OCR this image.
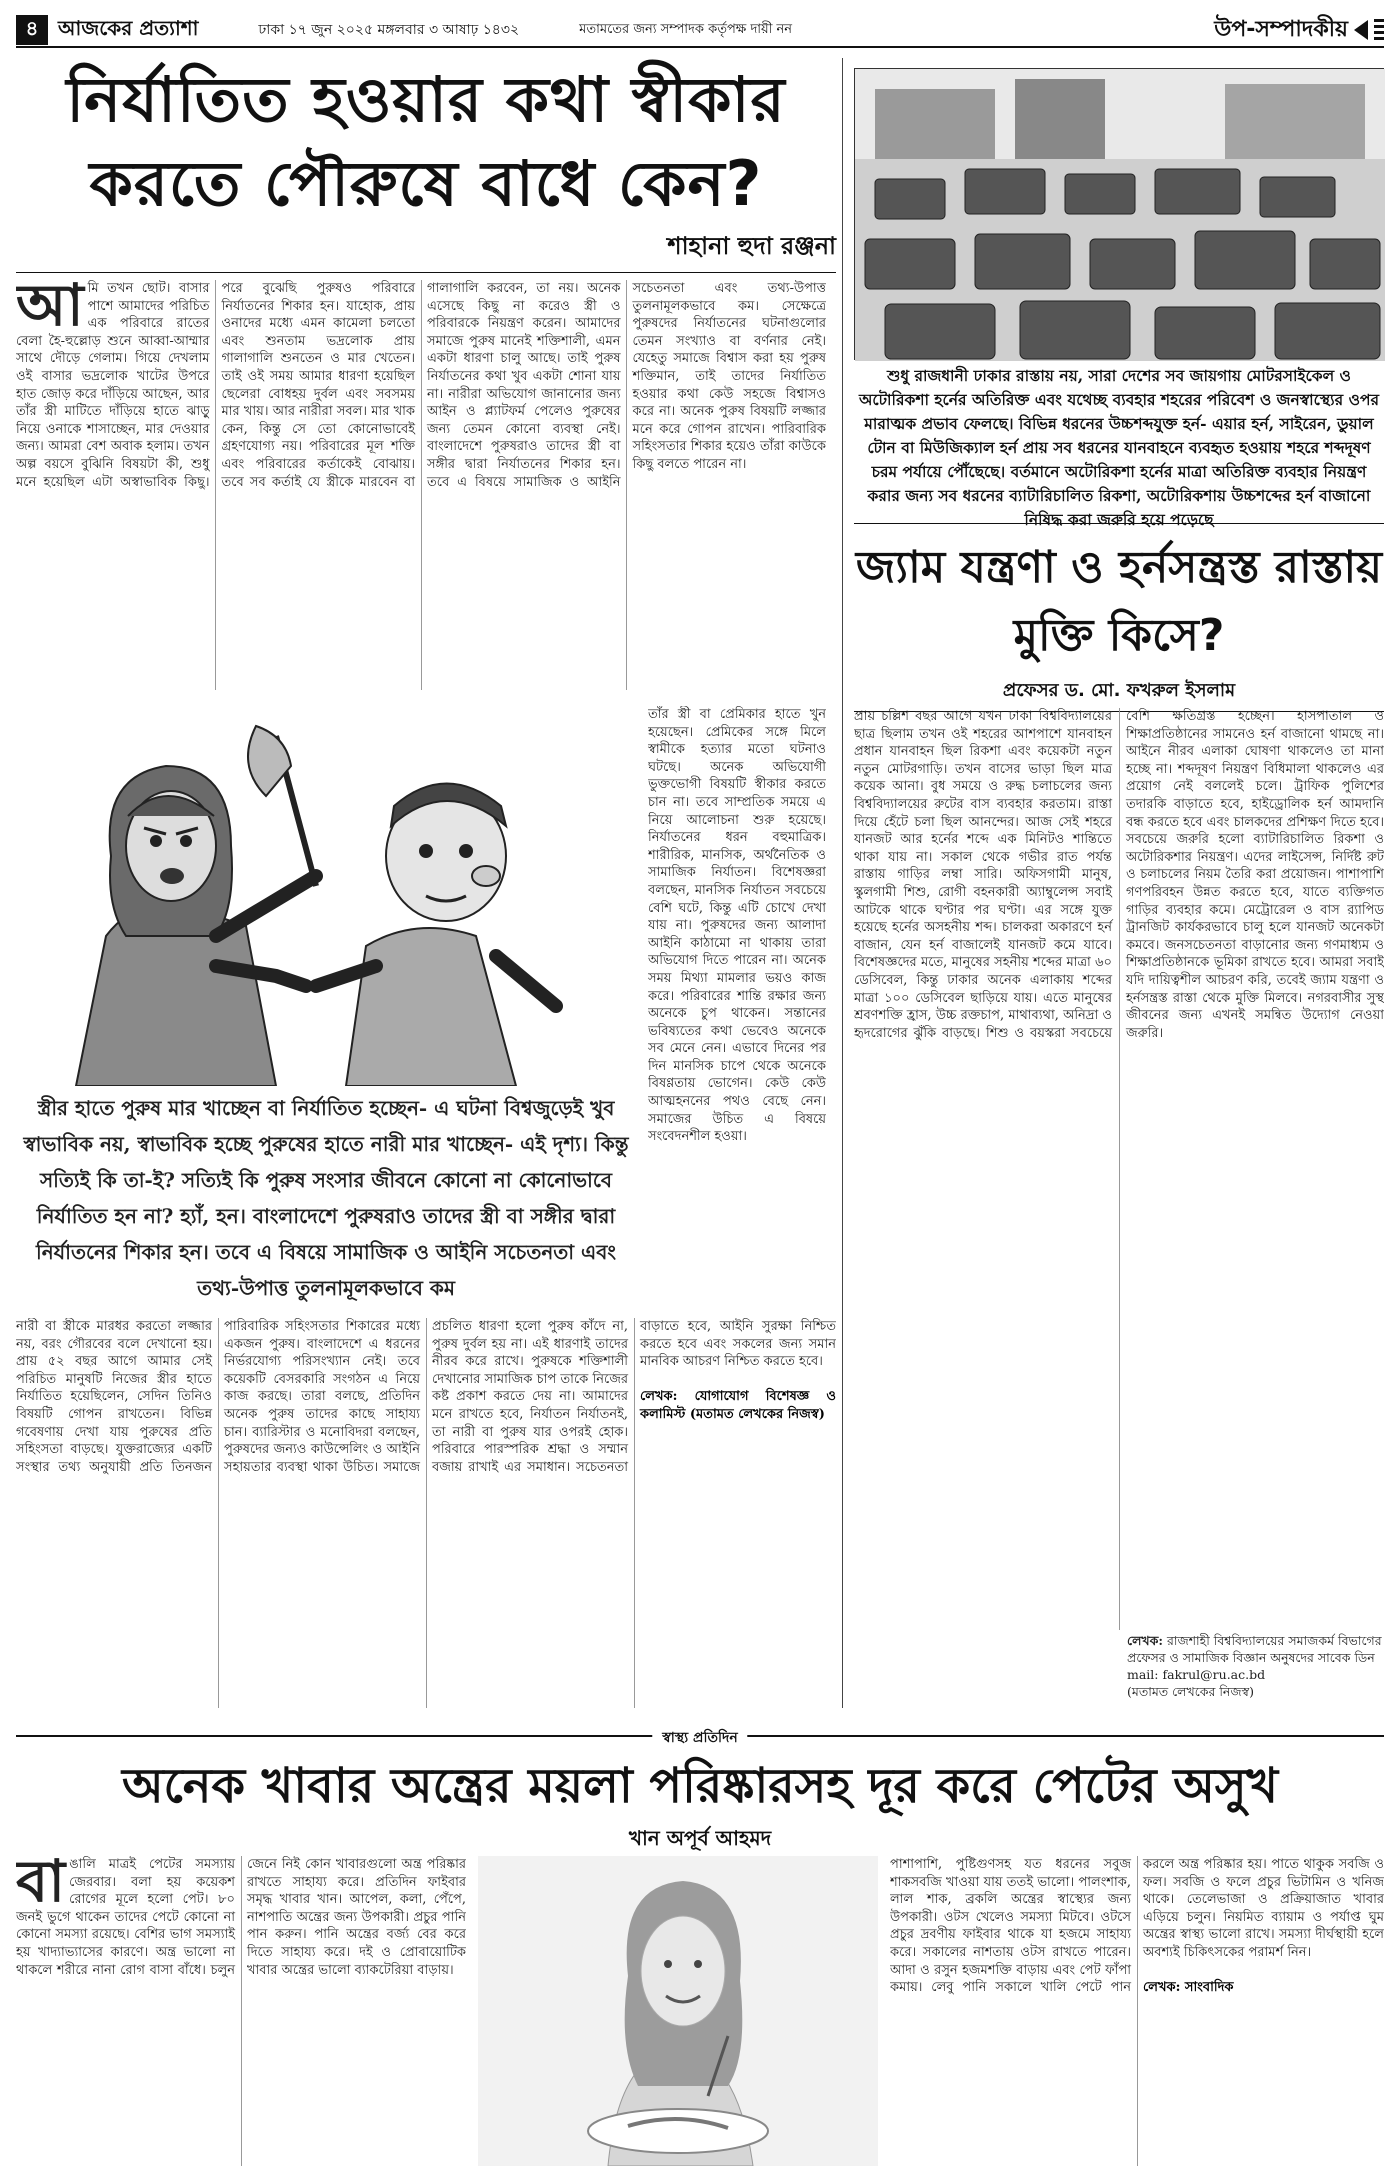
৪ আজকের প্রত্যাশা	ঢাকা ১৭ জুন ২০২৫ মঙ্গলবার ৩ আষাঢ় ১৪৩২	মতামতের জন্য সম্পাদক কর্তৃপক্ষ দায়ী নন	উপ-সম্পাদকীয়
নির্যাতিত হওয়ার কথা স্বীকার করতে পৌরুষে বাধে কেন?
শাহানা হুদা রঞ্জনা
আমি তখন ছোট। বাসার পাশে আমাদের পরিচিত এক পরিবারে রাতের বেলা হৈ-হুল্লোড় শুনে আব্বা-আম্মার সাথে দৌড়ে গেলাম। গিয়ে দেখলাম ওই বাসার ভদ্রলোক খাটের উপরে হাত জোড় করে দাঁড়িয়ে আছেন, আর তাঁর স্ত্রী মাটিতে দাঁড়িয়ে হাতে ঝাড়ু নিয়ে ওনাকে শাসাচ্ছেন, মার দেওয়ার জন্য। আমরা বেশ অবাক হলাম। তখন অল্প বয়সে বুঝিনি বিষয়টা কী, শুধু মনে হয়েছিল এটা অস্বাভাবিক কিছু। পরে বুঝেছি পুরুষও পরিবারে নির্যাতনের শিকার হন। যাহোক, প্রায় ওনাদের মধ্যে এমন কামেলা চলতো এবং শুনতাম ভদ্রলোক প্রায় গালাগালি শুনতেন ও মার খেতেন। তাই ওই সময় আমার ধারণা হয়েছিল ছেলেরা বোধহয় দুর্বল এবং সবসময় মার খায়। আর নারীরা সবল। মার খাক কেন, কিন্তু সে তো কোনোভাবেই গ্রহণযোগ্য নয়। পরিবারের মূল শক্তি এবং পরিবারের কর্তাকেই বোঝায়। তবে সব কর্তাই যে স্ত্রীকে মারবেন বা গালাগালি করবেন, তা নয়। অনেক এসেছে কিছু না করেও স্ত্রী ও পরিবারকে নিয়ন্ত্রণ করেন। আমাদের সমাজে পুরুষ মানেই শক্তিশালী, এমন একটা ধারণা চালু আছে। তাই পুরুষ নির্যাতনের কথা খুব একটা শোনা যায় না। নারীরা অভিযোগ জানানোর জন্য আইন ও প্ল্যাটফর্ম পেলেও পুরুষের জন্য তেমন কোনো ব্যবস্থা নেই। বাংলাদেশে পুরুষরাও তাদের স্ত্রী বা সঙ্গীর দ্বারা নির্যাতনের শিকার হন। তবে এ বিষয়ে সামাজিক ও আইনি সচেতনতা এবং তথ্য-উপাত্ত তুলনামূলকভাবে কম। সেক্ষেত্রে পুরুষদের নির্যাতনের ঘটনাগুলোর তেমন সংখ্যাও বা বর্ণনার নেই। যেহেতু সমাজে বিশ্বাস করা হয় পুরুষ শক্তিমান, তাই তাদের নির্যাতিত হওয়ার কথা কেউ সহজে বিশ্বাসও করে না। অনেক পুরুষ বিষয়টি লজ্জার মনে করে গোপন রাখেন। পারিবারিক সহিংসতার শিকার হয়েও তাঁরা কাউকে কিছু বলতে পারেন না।
তাঁর স্ত্রী বা প্রেমিকার হাতে খুন হয়েছেন। প্রেমিকের সঙ্গে মিলে স্বামীকে হত্যার মতো ঘটনাও ঘটছে। অনেক অভিযোগী ভুক্তভোগী বিষয়টি স্বীকার করতে চান না। তবে সাম্প্রতিক সময়ে এ নিয়ে আলোচনা শুরু হয়েছে। নির্যাতনের ধরন বহুমাত্রিক। শারীরিক, মানসিক, অর্থনৈতিক ও সামাজিক নির্যাতন। বিশেষজ্ঞরা বলছেন, মানসিক নির্যাতন সবচেয়ে বেশি ঘটে, কিন্তু এটি চোখে দেখা যায় না। পুরুষদের জন্য আলাদা আইনি কাঠামো না থাকায় তারা অভিযোগ দিতে পারেন না। অনেক সময় মিথ্যা মামলার ভয়ও কাজ করে। পরিবারের শান্তি রক্ষার জন্য অনেকে চুপ থাকেন। সন্তানের ভবিষ্যতের কথা ভেবেও অনেকে সব মেনে নেন। এভাবে দিনের পর দিন মানসিক চাপে থেকে অনেকে বিষণ্ণতায় ভোগেন। কেউ কেউ আত্মহননের পথও বেছে নেন। সমাজের উচিত এ বিষয়ে সংবেদনশীল হওয়া।
স্ত্রীর হাতে পুরুষ মার খাচ্ছেন বা নির্যাতিত হচ্ছেন- এ ঘটনা বিশ্বজুড়েই খুব স্বাভাবিক নয়, স্বাভাবিক হচ্ছে পুরুষের হাতে নারী মার খাচ্ছেন- এই দৃশ্য। কিন্তু সত্যিই কি তা-ই? সত্যিই কি পুরুষ সংসার জীবনে কোনো না কোনোভাবে নির্যাতিত হন না? হ্যাঁ, হন। বাংলাদেশে পুরুষরাও তাদের স্ত্রী বা সঙ্গীর দ্বারা নির্যাতনের শিকার হন। তবে এ বিষয়ে সামাজিক ও আইনি সচেতনতা এবং তথ্য-উপাত্ত তুলনামূলকভাবে কম
নারী বা স্ত্রীকে মারধর করতো লজ্জার নয়, বরং গৌরবের বলে দেখানো হয়। প্রায় ৫২ বছর আগে আমার সেই পরিচিত মানুষটি নিজের স্ত্রীর হাতে নির্যাতিত হয়েছিলেন, সেদিন তিনিও বিষয়টি গোপন রাখতেন। বিভিন্ন গবেষণায় দেখা যায় পুরুষের প্রতি সহিংসতা বাড়ছে। যুক্তরাজ্যের একটি সংস্থার তথ্য অনুযায়ী প্রতি তিনজন পারিবারিক সহিংসতার শিকারের মধ্যে একজন পুরুষ। বাংলাদেশে এ ধরনের নির্ভরযোগ্য পরিসংখ্যান নেই। তবে কয়েকটি বেসরকারি সংগঠন এ নিয়ে কাজ করছে। তারা বলছে, প্রতিদিন অনেক পুরুষ তাদের কাছে সাহায্য চান। ব্যারিস্টার ও মনোবিদরা বলছেন, পুরুষদের জন্যও কাউন্সেলিং ও আইনি সহায়তার ব্যবস্থা থাকা উচিত। সমাজে প্রচলিত ধারণা হলো পুরুষ কাঁদে না, পুরুষ দুর্বল হয় না। এই ধারণাই তাদের নীরব করে রাখে। পুরুষকে শক্তিশালী দেখানোর সামাজিক চাপ তাকে নিজের কষ্ট প্রকাশ করতে দেয় না। আমাদের মনে রাখতে হবে, নির্যাতন নির্যাতনই, তা নারী বা পুরুষ যার ওপরই হোক। পরিবারে পারস্পরিক শ্রদ্ধা ও সম্মান বজায় রাখাই এর সমাধান। সচেতনতা বাড়াতে হবে, আইনি সুরক্ষা নিশ্চিত করতে হবে এবং সকলের জন্য সমান মানবিক আচরণ নিশ্চিত করতে হবে।

লেখক: যোগাযোগ বিশেষজ্ঞ ও কলামিস্ট (মতামত লেখকের নিজস্ব)
শুধু রাজধানী ঢাকার রাস্তায় নয়, সারা দেশের সব জায়গায় মোটরসাইকেল ও অটোরিকশা হর্নের অতিরিক্ত এবং যথেচ্ছ ব্যবহার শহরের পরিবেশ ও জনস্বাস্থ্যের ওপর মারাত্মক প্রভাব ফেলছে। বিভিন্ন ধরনের উচ্চশব্দযুক্ত হর্ন- এয়ার হর্ন, সাইরেন, ডুয়াল টোন বা মিউজিক্যাল হর্ন প্রায় সব ধরনের যানবাহনে ব্যবহৃত হওয়ায় শহরে শব্দদূষণ চরম পর্যায়ে পৌঁছেছে। বর্তমানে অটোরিকশা হর্নের মাত্রা অতিরিক্ত ব্যবহার নিয়ন্ত্রণ করার জন্য সব ধরনের ব্যাটারিচালিত রিকশা, অটোরিকশায় উচ্চশব্দের হর্ন বাজানো নিষিদ্ধ করা জরুরি হয়ে পড়েছে
জ্যাম যন্ত্রণা ও হর্নসন্ত্রস্ত রাস্তায় মুক্তি কিসে?
প্রফেসর ড. মো. ফখরুল ইসলাম
প্রায় চল্লিশ বছর আগে যখন ঢাকা বিশ্ববিদ্যালয়ের ছাত্র ছিলাম তখন ওই শহরের আশপাশে যানবাহন প্রধান যানবাহন ছিল রিকশা এবং কয়েকটা নতুন নতুন মোটরগাড়ি। তখন বাসের ভাড়া ছিল মাত্র কয়েক আনা। বুধ সময়ে ও রুদ্ধ চলাচলের জন্য বিশ্ববিদ্যালয়ের রুটের বাস ব্যবহার করতাম। রাস্তা দিয়ে হেঁটে চলা ছিল আনন্দের। আজ সেই শহরে যানজট আর হর্নের শব্দে এক মিনিটও শান্তিতে থাকা যায় না। সকাল থেকে গভীর রাত পর্যন্ত রাস্তায় গাড়ির লম্বা সারি। অফিসগামী মানুষ, স্কুলগামী শিশু, রোগী বহনকারী অ্যাম্বুলেন্স সবাই আটকে থাকে ঘণ্টার পর ঘণ্টা। এর সঙ্গে যুক্ত হয়েছে হর্নের অসহনীয় শব্দ। চালকরা অকারণে হর্ন বাজান, যেন হর্ন বাজালেই যানজট কমে যাবে। বিশেষজ্ঞদের মতে, মানুষের সহনীয় শব্দের মাত্রা ৬০ ডেসিবেল, কিন্তু ঢাকার অনেক এলাকায় শব্দের মাত্রা ১০০ ডেসিবেল ছাড়িয়ে যায়। এতে মানুষের শ্রবণশক্তি হ্রাস, উচ্চ রক্তচাপ, মাথাব্যথা, অনিদ্রা ও হৃদরোগের ঝুঁকি বাড়ছে। শিশু ও বয়স্করা সবচেয়ে বেশি ক্ষতিগ্রস্ত হচ্ছেন। হাসপাতাল ও শিক্ষাপ্রতিষ্ঠানের সামনেও হর্ন বাজানো থামছে না। আইনে নীরব এলাকা ঘোষণা থাকলেও তা মানা হচ্ছে না। শব্দদূষণ নিয়ন্ত্রণ বিধিমালা থাকলেও এর প্রয়োগ নেই বললেই চলে। ট্রাফিক পুলিশের তদারকি বাড়াতে হবে, হাইড্রোলিক হর্ন আমদানি বন্ধ করতে হবে এবং চালকদের প্রশিক্ষণ দিতে হবে। সবচেয়ে জরুরি হলো ব্যাটারিচালিত রিকশা ও অটোরিকশার নিয়ন্ত্রণ। এদের লাইসেন্স, নির্দিষ্ট রুট ও চলাচলের নিয়ম তৈরি করা প্রয়োজন। পাশাপাশি গণপরিবহন উন্নত করতে হবে, যাতে ব্যক্তিগত গাড়ির ব্যবহার কমে। মেট্রোরেল ও বাস র‍্যাপিড ট্রানজিট কার্যকরভাবে চালু হলে যানজট অনেকটা কমবে। জনসচেতনতা বাড়ানোর জন্য গণমাধ্যম ও শিক্ষাপ্রতিষ্ঠানকে ভূমিকা রাখতে হবে। আমরা সবাই যদি দায়িত্বশীল আচরণ করি, তবেই জ্যাম যন্ত্রণা ও হর্নসন্ত্রস্ত রাস্তা থেকে মুক্তি মিলবে। নগরবাসীর সুস্থ জীবনের জন্য এখনই সমন্বিত উদ্যোগ নেওয়া জরুরি।
লেখক: রাজশাহী বিশ্ববিদ্যালয়ের সমাজকর্ম বিভাগের প্রফেসর ও সামাজিক বিজ্ঞান অনুষদের সাবেক ডিন
mail: fakrul@ru.ac.bd
(মতামত লেখকের নিজস্ব)
স্বাস্থ্য প্রতিদিন
অনেক খাবার অন্ত্রের ময়লা পরিষ্কারসহ দূর করে পেটের অসুখ
খান অপূর্ব আহমদ
বাঙালি মাত্রই পেটের সমস্যায় জেরবার। বলা হয় কয়েকশ রোগের মূলে হলো পেট। ৮০ জনই ভুগে থাকেন তাদের পেটে কোনো না কোনো সমস্যা রয়েছে। বেশির ভাগ সমস্যাই হয় খাদ্যাভ্যাসের কারণে। অন্ত্র ভালো না থাকলে শরীরে নানা রোগ বাসা বাঁধে। চলুন জেনে নিই কোন খাবারগুলো অন্ত্র পরিষ্কার রাখতে সাহায্য করে। প্রতিদিন ফাইবার সমৃদ্ধ খাবার খান। আপেল, কলা, পেঁপে, নাশপাতি অন্ত্রের জন্য উপকারী। প্রচুর পানি পান করুন। পানি অন্ত্রের বর্জ্য বের করে দিতে সাহায্য করে। দই ও প্রোবায়োটিক খাবার অন্ত্রের ভালো ব্যাকটেরিয়া বাড়ায়।
পাশাপাশি, পুষ্টিগুণসহ যত ধরনের সবুজ শাকসবজি খাওয়া যায় ততই ভালো। পালংশাক, লাল শাক, ব্রকলি অন্ত্রের স্বাস্থ্যের জন্য উপকারী। ওটস খেলেও সমস্যা মিটবে। ওটসে প্রচুর দ্রবণীয় ফাইবার থাকে যা হজমে সাহায্য করে। সকালের নাশতায় ওটস রাখতে পারেন। আদা ও রসুন হজমশক্তি বাড়ায় এবং পেট ফাঁপা কমায়। লেবু পানি সকালে খালি পেটে পান করলে অন্ত্র পরিষ্কার হয়। পাতে থাকুক সবজি ও ফল। সবজি ও ফলে প্রচুর ভিটামিন ও খনিজ থাকে। তেলেভাজা ও প্রক্রিয়াজাত খাবার এড়িয়ে চলুন। নিয়মিত ব্যায়াম ও পর্যাপ্ত ঘুম অন্ত্রের স্বাস্থ্য ভালো রাখে। সমস্যা দীর্ঘস্থায়ী হলে অবশ্যই চিকিৎসকের পরামর্শ নিন।

লেখক: সাংবাদিক
